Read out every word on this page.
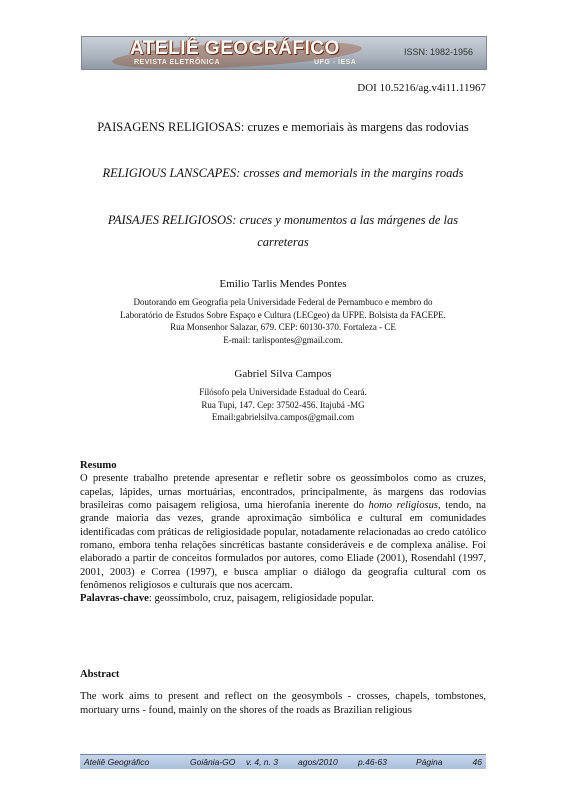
ATELIÊ GEOGRÁFICO
REVISTA ELETRÔNICA	UFG - IESA
ISSN: 1982-1956
DOI 10.5216/ag.v4i11.11967
PAISAGENS RELIGIOSAS: cruzes e memoriais às margens das rodovias
RELIGIOUS LANSCAPES: crosses and memorials in the margins roads
PAISAJES RELIGIOSOS: cruces y monumentos a las márgenes de las
carreteras
Emilio Tarlis Mendes Pontes
Doutorando em Geografia pela Universidade Federal de Pernambuco e membro do
Laboratório de Estudos Sobre Espaço e Cultura (LECgeo) da UFPE. Bolsista da FACEPE.
Rua Monsenhor Salazar, 679. CEP: 60130-370. Fortaleza - CE
E-mail: tarlispontes@gmail.com.
Gabriel Silva Campos
Filósofo pela Universidade Estadual do Ceará.
Rua Tupi, 147. Cep: 37502-456. Itajubá -MG
Email:gabrielsilva.campos@gmail.com
Resumo
O presente trabalho pretende apresentar e refletir sobre os geossímbolos como as cruzes, capelas, lápides, urnas mortuárias, encontrados, principalmente, às margens das rodovias brasileiras como paisagem religiosa, uma hierofania inerente do homo religiosus, tendo, na grande maioria das vezes, grande aproximação simbólica e cultural em comunidades identificadas com práticas de religiosidade popular, notadamente relacionadas ao credo católico romano, embora tenha relações sincréticas bastante consideráveis e de complexa análise. Foi elaborado a partir de conceitos formulados por autores, como Eliade (2001), Rosendahl (1997, 2001, 2003) e Correa (1997), e busca ampliar o diálogo da geografia cultural com os fenômenos religiosos e culturais que nos acercam.
Palavras-chave: geossímbolo, cruz, paisagem, religiosidade popular.
Abstract
The work aims to present and reflect on the geosymbols - crosses, chapels, tombstones, mortuary urns - found, mainly on the shores of the roads as Brazilian religious
Ateliê Geográfico	Goiânia-GO v. 4, n. 3 agos/2010 p.46-63	Página	46
